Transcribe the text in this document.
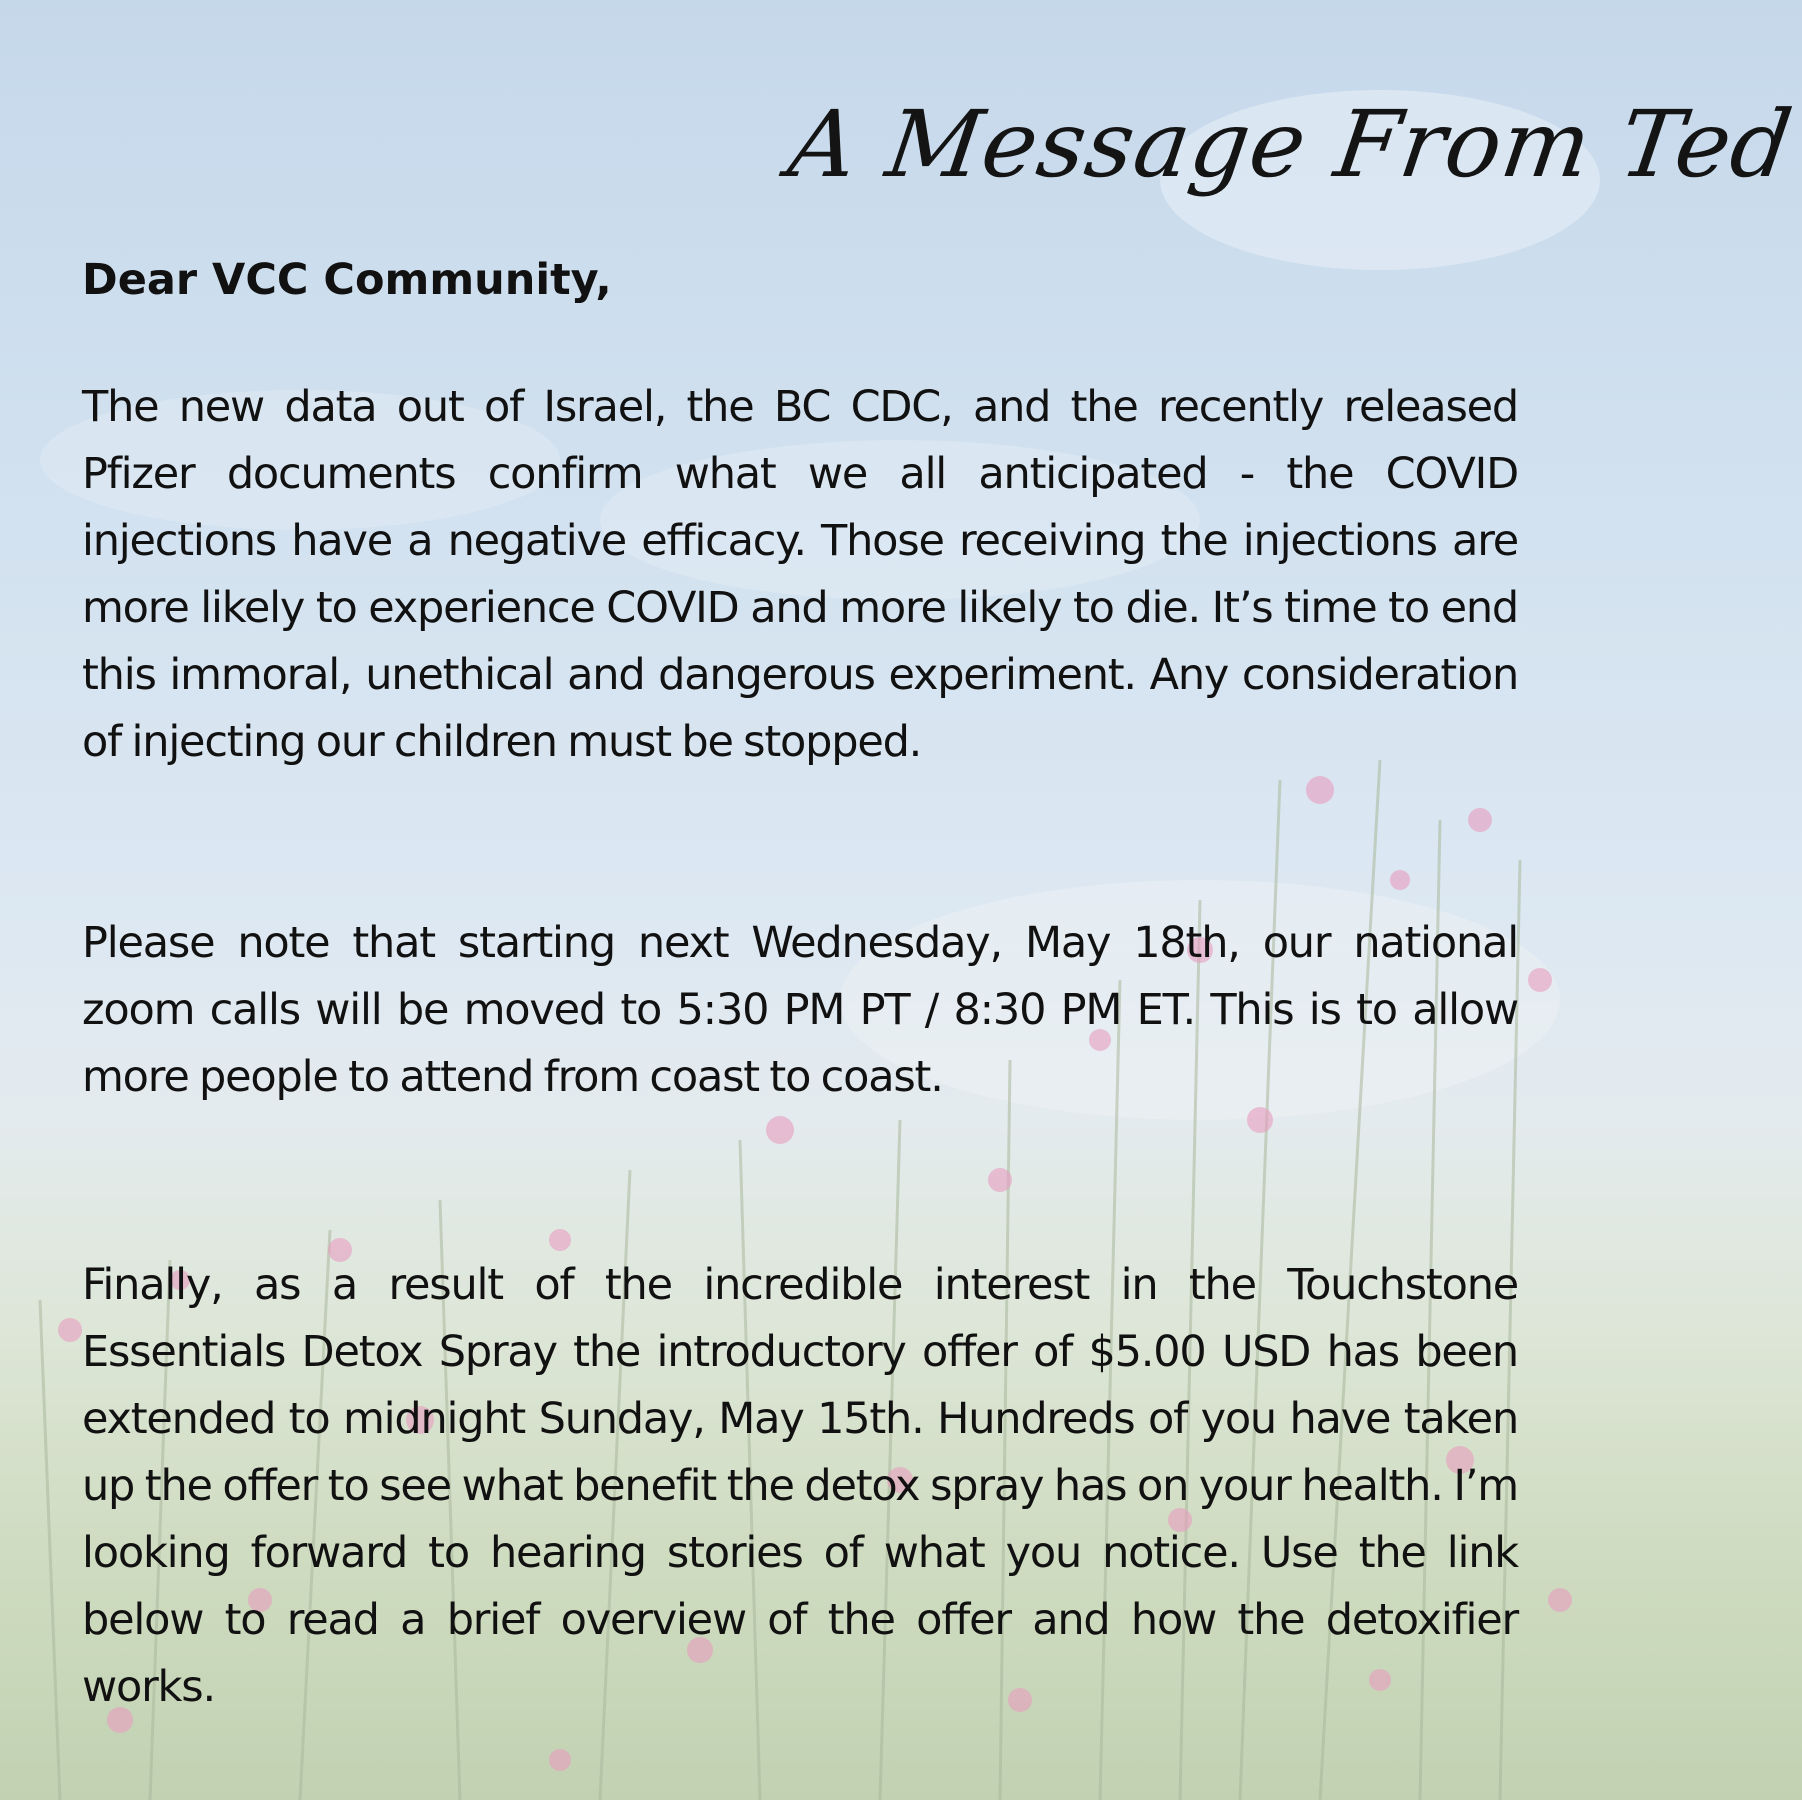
A Message From Ted
Dear VCC Community,

The new data out of Israel, the BC CDC, and the recently released Pfizer documents confirm what we all anticipated - the COVID injections have a negative efficacy. Those receiving the injections are more likely to experience COVID and more likely to die. It’s time to end this immoral, unethical and dangerous experiment. Any consideration of injecting our children must be stopped.

Please note that starting next Wednesday, May 18th, our national zoom calls will be moved to 5:30 PM PT / 8:30 PM ET. This is to allow more people to attend from coast to coast.

Finally, as a result of the incredible interest in the Touchstone Essentials Detox Spray the introductory offer of $5.00 USD has been extended to midnight Sunday, May 15th. Hundreds of you have taken up the offer to see what benefit the detox spray has on your health. I’m looking forward to hearing stories of what you notice. Use the link below to read a brief overview of the offer and how the detoxifier works.
